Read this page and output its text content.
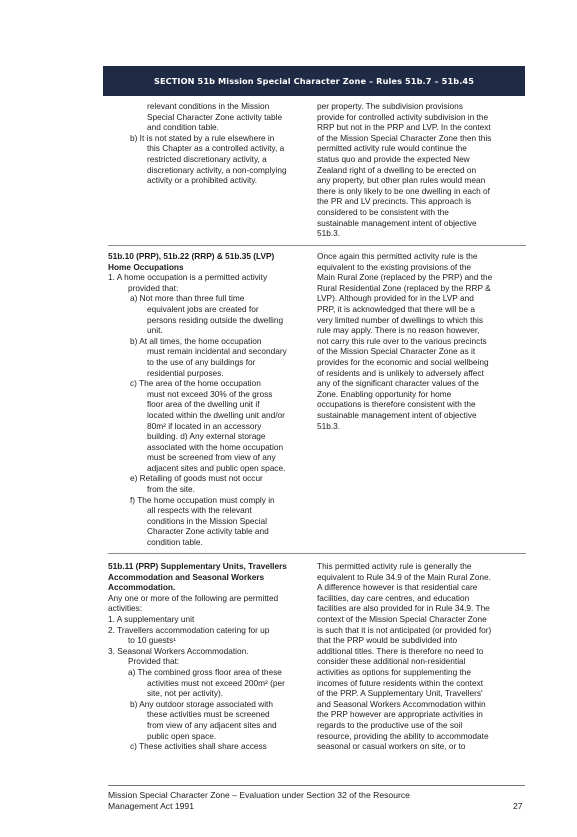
SECTION 51b Mission Special Character Zone – Rules 51b.7 – 51b.45
relevant conditions in the Mission
Special Character Zone activity table
and condition table.
b) It is not stated by a rule elsewhere in
this Chapter as a controlled activity, a
restricted discretionary activity, a
discretionary activity, a non-complying
activity or a prohibited activity.
per property. The subdivision provisions
provide for controlled activity subdivision in the
RRP but not in the PRP and LVP. In the context
of the Mission Special Character Zone then this
permitted activity rule would continue the
status quo and provide the expected New
Zealand right of a dwelling to be erected on
any property, but other plan rules would mean
there is only likely to be one dwelling in each of
the PR and LV precincts. This approach is
considered to be consistent with the
sustainable management intent of objective
51b.3.
51b.10 (PRP), 51b.22 (RRP) & 51b.35 (LVP)
Home Occupations
1. A home occupation is a permitted activity
provided that:
a) Not more than three full time
equivalent jobs are created for
persons residing outside the dwelling
unit.
b) At all times, the home occupation
must remain incidental and secondary
to the use of any buildings for
residential purposes.
c) The area of the home occupation
must not exceed 30% of the gross
floor area of the dwelling unit if
located within the dwelling unit and/or
80m² if located in an accessory
building. d) Any external storage
associated with the home occupation
must be screened from view of any
adjacent sites and public open space.
e) Retailing of goods must not occur
from the site.
f) The home occupation must comply in
all respects with the relevant
conditions in the Mission Special
Character Zone activity table and
condition table.
Once again this permitted activity rule is the
equivalent to the existing provisions of the
Main Rural Zone (replaced by the PRP) and the
Rural Residential Zone (replaced by the RRP &
LVP). Although provided for in the LVP and
PRP, it is acknowledged that there will be a
very limited number of dwellings to which this
rule may apply. There is no reason however,
not carry this rule over to the various precincts
of the Mission Special Character Zone as it
provides for the economic and social wellbeing
of residents and is unlikely to adversely affect
any of the significant character values of the
Zone. Enabling opportunity for home
occupations is therefore consistent with the
sustainable management intent of objective
51b.3.
51b.11 (PRP) Supplementary Units, Travellers
Accommodation and Seasonal Workers
Accommodation.
Any one or more of the following are permitted
activities:
1. A supplementary unit
2. Travellers accommodation catering for up
to 10 guests¹
3. Seasonal Workers Accommodation.
Provided that:
a) The combined gross floor area of these
activities must not exceed 200m² (per
site, not per activity).
b) Any outdoor storage associated with
these activities must be screened
from view of any adjacent sites and
public open space.
c) These activities shall share access
This permitted activity rule is generally the
equivalent to Rule 34.9 of the Main Rural Zone.
A difference however is that residential care
facilities, day care centres, and education
facilities are also provided for in Rule 34.9. The
context of the Mission Special Character Zone
is such that it is not anticipated (or provided for)
that the PRP would be subdivided into
additional titles. There is therefore no need to
consider these additional non-residential
activities as options for supplementing the
incomes of future residents within the context
of the PRP. A Supplementary Unit, Travellers'
and Seasonal Workers Accommodation within
the PRP however are appropriate activities in
regards to the productive use of the soil
resource, providing the ability to accommodate
seasonal or casual workers on site, or to
Mission Special Character Zone – Evaluation under Section 32 of the Resource
Management Act 1991	27
